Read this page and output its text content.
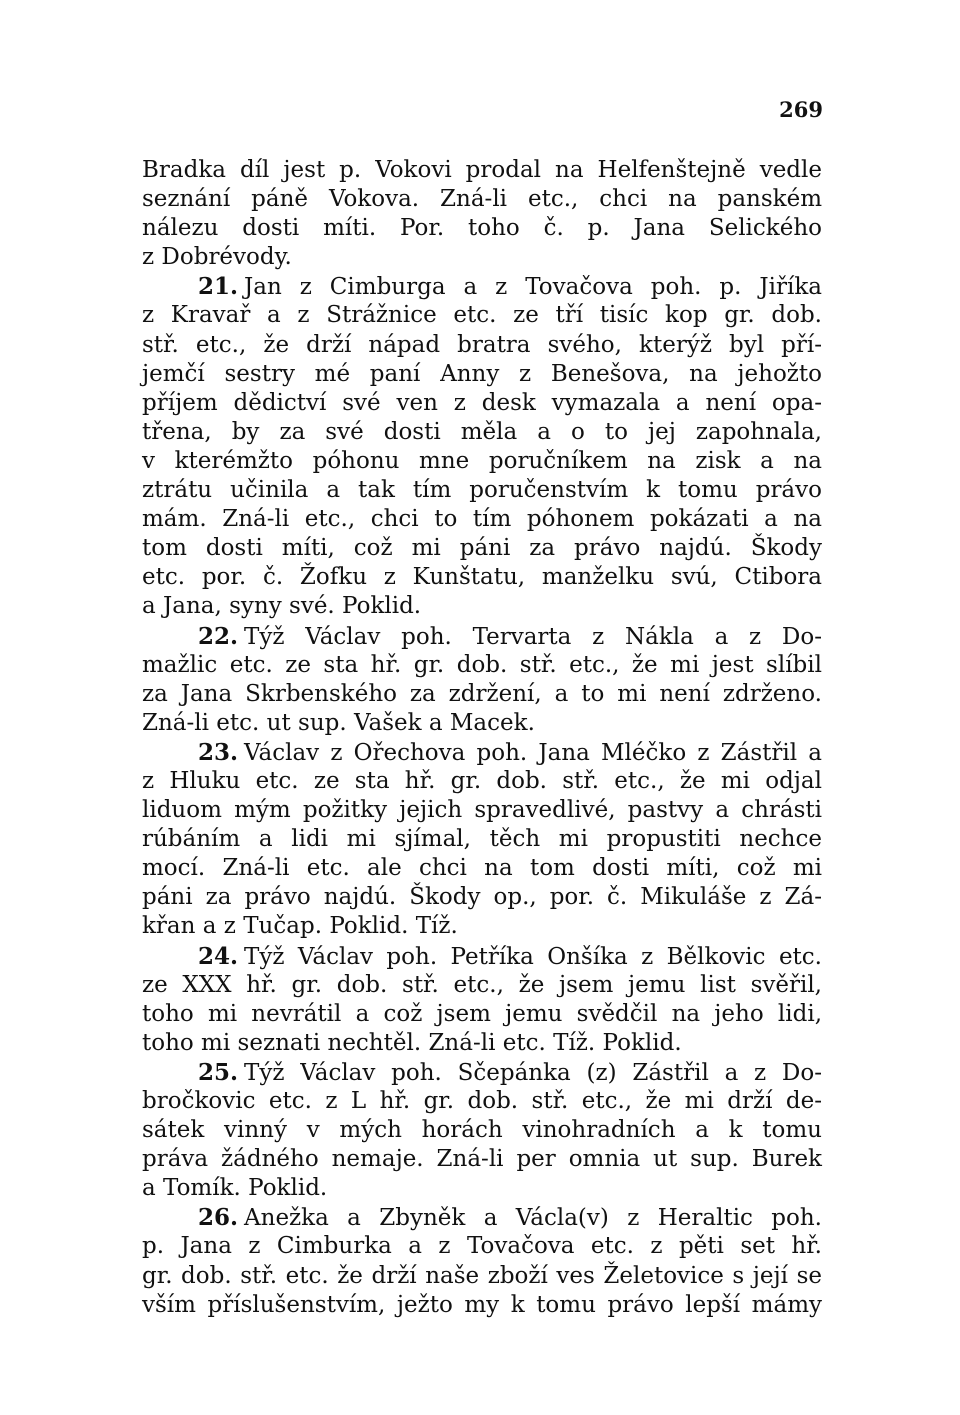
269
Bradka díl jest p. Vokovi prodal na Helfenštejně vedle
seznání páně Vokova. Zná-li etc., chci na panském
nálezu dosti míti. Por. toho č. p. Jana Selického
z Dobrévody.
21. Jan z Cimburga a z Tovačova poh. p. Jiříka
z Kravař a z Strážnice etc. ze tří tisíc kop gr. dob.
stř. etc., že drží nápad bratra svého, kterýž byl pří-
jemčí sestry mé paní Anny z Benešova, na jehožto
příjem dědictví své ven z desk vymazala a není opa-
třena, by za své dosti měla a o to jej zapohnala,
v kterémžto póhonu mne poručníkem na zisk a na
ztrátu učinila a tak tím poručenstvím k tomu právo
mám. Zná-li etc., chci to tím póhonem pokázati a na
tom dosti míti, což mi páni za právo najdú. Škody
etc. por. č. Žofku z Kunštatu, manželku svú, Ctibora
a Jana, syny své. Poklid.
22. Týž Václav poh. Tervarta z Nákla a z Do-
mažlic etc. ze sta hř. gr. dob. stř. etc., že mi jest slíbil
za Jana Skrbenského za zdržení, a to mi není zdrženo.
Zná-li etc. ut sup. Vašek a Macek.
23. Václav z Ořechova poh. Jana Mléčko z Zástřil a
z Hluku etc. ze sta hř. gr. dob. stř. etc., že mi odjal
liduom mým požitky jejich spravedlivé, pastvy a chrásti
rúbáním a lidi mi sjímal, těch mi propustiti nechce
mocí. Zná-li etc. ale chci na tom dosti míti, což mi
páni za právo najdú. Škody op., por. č. Mikuláše z Zá-
křan a z Tučap. Poklid. Tíž.
24. Týž Václav poh. Petříka Onšíka z Bělkovic etc.
ze XXX hř. gr. dob. stř. etc., že jsem jemu list svěřil,
toho mi nevrátil a což jsem jemu svědčil na jeho lidi,
toho mi seznati nechtěl. Zná-li etc. Tíž. Poklid.
25. Týž Václav poh. Sčepánka (z) Zástřil a z Do-
bročkovic etc. z L hř. gr. dob. stř. etc., že mi drží de-
sátek vinný v mých horách vinohradních a k tomu
práva žádného nemaje. Zná-li per omnia ut sup. Burek
a Tomík. Poklid.
26. Anežka a Zbyněk a Václa(v) z Heraltic poh.
p. Jana z Cimburka a z Tovačova etc. z pěti set hř.
gr. dob. stř. etc. že drží naše zboží ves Želetovice s její se
vším příslušenstvím, ježto my k tomu právo lepší mámy
